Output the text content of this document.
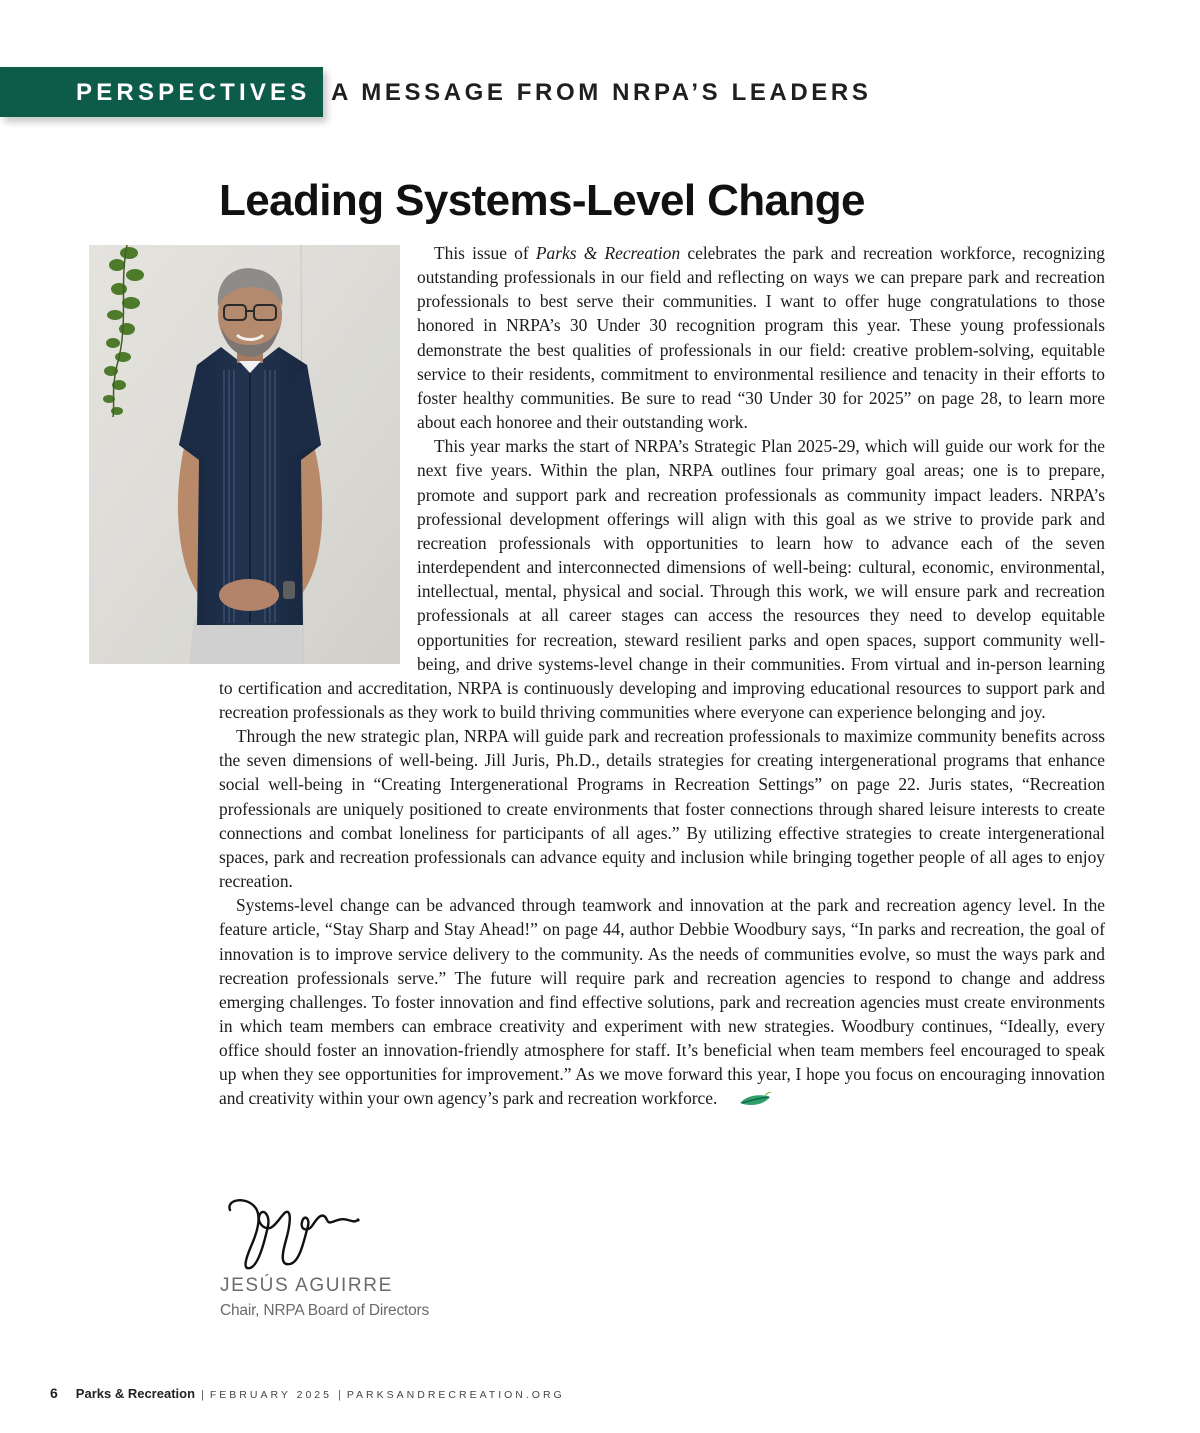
PERSPECTIVES A MESSAGE FROM NRPA’S LEADERS
Leading Systems-Level Change

This issue of Parks & Recreation celebrates the park and recreation workforce, recognizing outstanding professionals in our field and reflecting on ways we can prepare park and recreation professionals to best serve their communities. I want to offer huge congratulations to those honored in NRPA’s 30 Under 30 recognition program this year. These young professionals demonstrate the best qualities of professionals in our field: creative problem-solving, equitable service to their residents, commitment to environmental resilience and tenacity in their efforts to foster healthy communities. Be sure to read “30 Under 30 for 2025” on page 28, to learn more about each honoree and their outstanding work.

This year marks the start of NRPA’s Strategic Plan 2025-29, which will guide our work for the next five years. Within the plan, NRPA outlines four primary goal areas; one is to prepare, promote and support park and recreation professionals as community impact leaders. NRPA’s professional development offerings will align with this goal as we strive to provide park and recreation professionals with opportunities to learn how to advance each of the seven interdependent and interconnected dimensions of well-being: cultural, economic, environmental, intellectual, mental, physical and social. Through this work, we will ensure park and recreation professionals at all career stages can access the resources they need to develop equitable opportunities for recreation, steward resilient parks and open spaces, support community well-being, and drive systems-level change in their communities. From virtual and in-person learning to certification and accreditation, NRPA is continuously developing and improving educational resources to support park and recreation professionals as they work to build thriving communities where everyone can experience belonging and joy.

Through the new strategic plan, NRPA will guide park and recreation professionals to maximize community benefits across the seven dimensions of well-being. Jill Juris, Ph.D., details strategies for creating intergenerational programs that enhance social well-being in “Creating Intergenerational Programs in Recreation Settings” on page 22. Juris states, “Recreation professionals are uniquely positioned to create environments that foster connections through shared leisure interests to create connections and combat loneliness for participants of all ages.” By utilizing effective strategies to create intergenerational spaces, park and recreation professionals can advance equity and inclusion while bringing together people of all ages to enjoy recreation.

Systems-level change can be advanced through teamwork and innovation at the park and recreation agency level. In the feature article, “Stay Sharp and Stay Ahead!” on page 44, author Debbie Woodbury says, “In parks and recreation, the goal of innovation is to improve service delivery to the community. As the needs of communities evolve, so must the ways park and recreation professionals serve.” The future will require park and recreation agencies to respond to change and address emerging challenges. To foster innovation and find effective solutions, park and recreation agencies must create environments in which team members can embrace creativity and experiment with new strategies. Woodbury continues, “Ideally, every office should foster an innovation-friendly atmosphere for staff. It’s beneficial when team members feel encouraged to speak up when they see opportunities for improvement.” As we move forward this year, I hope you focus on encouraging innovation and creativity within your own agency’s park and recreation workforce.

JESÚS AGUIRRE
Chair, NRPA Board of Directors
6 Parks & Recreation | FEBRUARY 2025 | PARKSANDRECREATION.ORG
